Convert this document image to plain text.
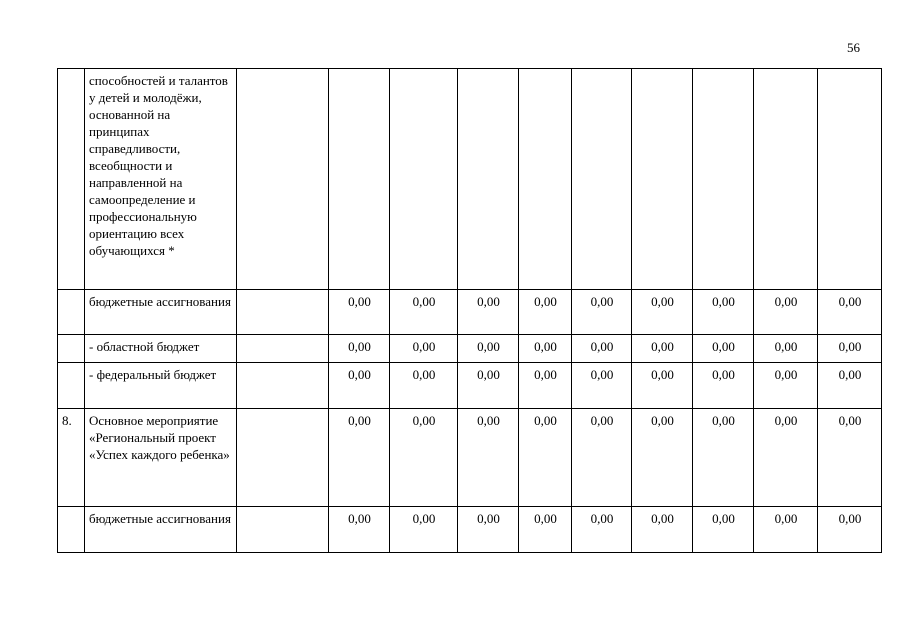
56
	способностей и талантов у детей и молодёжи, основанной на принципах справедливости, всеобщности и направленной на самоопределение и профессиональную ориентацию всех обучающихся *										
	бюджетные ассигнования		0,00	0,00	0,00	0,00	0,00	0,00	0,00	0,00	0,00
	- областной бюджет		0,00	0,00	0,00	0,00	0,00	0,00	0,00	0,00	0,00
	- федеральный бюджет		0,00	0,00	0,00	0,00	0,00	0,00	0,00	0,00	0,00
8.	Основное мероприятие «Региональный проект «Успех каждого ребенка»		0,00	0,00	0,00	0,00	0,00	0,00	0,00	0,00	0,00
	бюджетные ассигнования		0,00	0,00	0,00	0,00	0,00	0,00	0,00	0,00	0,00
